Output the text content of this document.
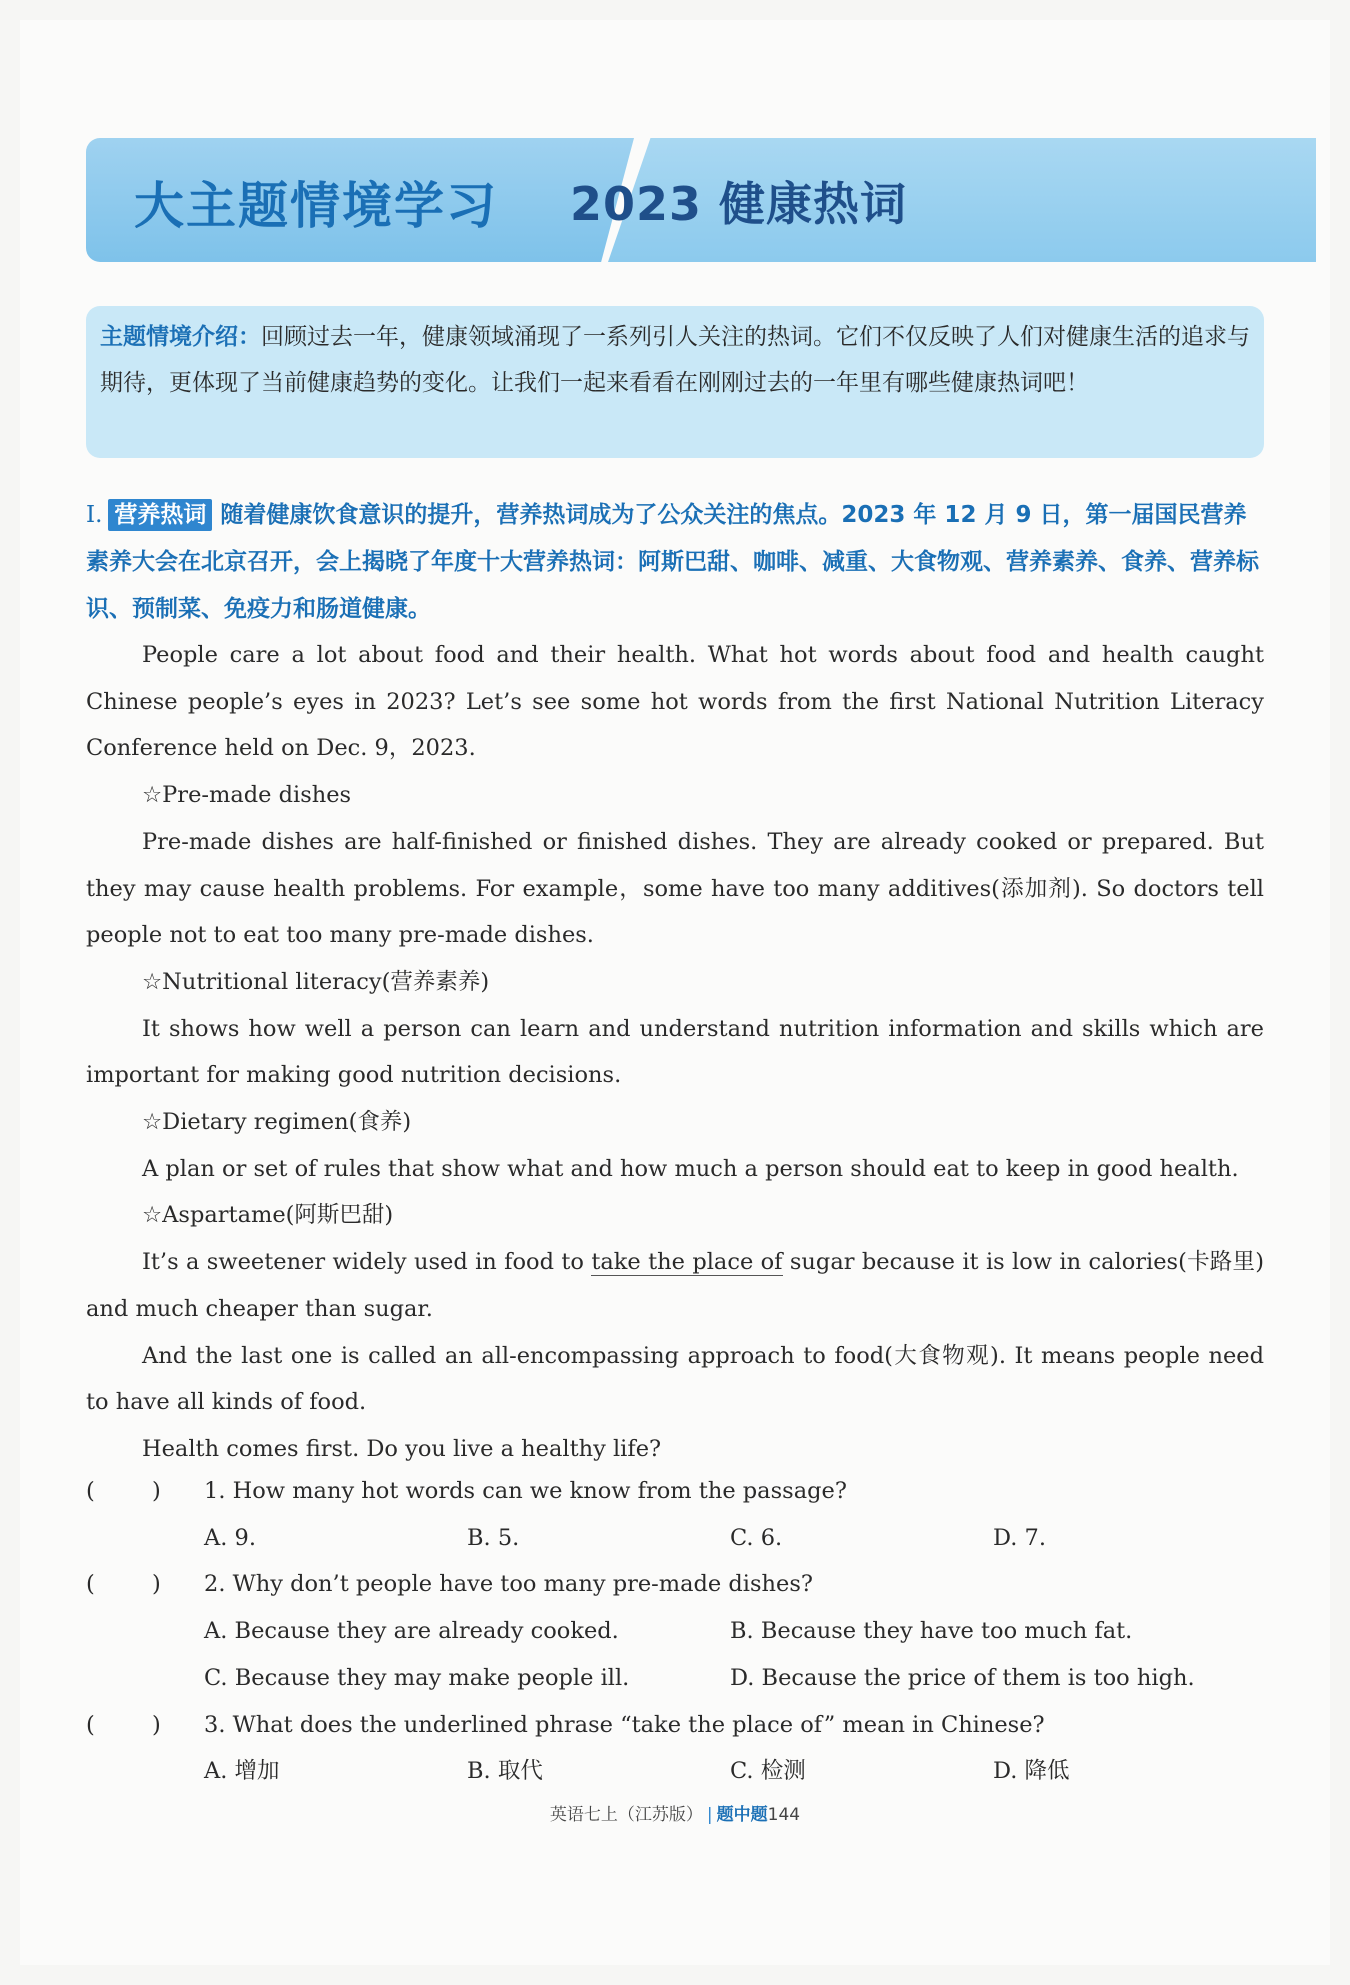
大主题情境学习 2023 健康热词
主题情境介绍：回顾过去一年，健康领域涌现了一系列引人关注的热词。它们不仅反映了人们对健康生活的追求与期待，更体现了当前健康趋势的变化。让我们一起来看看在刚刚过去的一年里有哪些健康热词吧！
Ⅰ. 营养热词 随着健康饮食意识的提升，营养热词成为了公众关注的焦点。2023 年 12 月 9 日，第一届国民营养素养大会在北京召开，会上揭晓了年度十大营养热词：阿斯巴甜、咖啡、减重、大食物观、营养素养、食养、营养标识、预制菜、免疫力和肠道健康。

People care a lot about food and their health. What hot words about food and health caught Chinese people’s eyes in 2023? Let’s see some hot words from the first National Nutrition Literacy Conference held on Dec. 9，2023.

☆Pre-made dishes

Pre-made dishes are half-finished or finished dishes. They are already cooked or prepared. But they may cause health problems. For example，some have too many additives(添加剂). So doctors tell people not to eat too many pre-made dishes.

☆Nutritional literacy(营养素养)

It shows how well a person can learn and understand nutrition information and skills which are important for making good nutrition decisions.

☆Dietary regimen(食养)

A plan or set of rules that show what and how much a person should eat to keep in good health.

☆Aspartame(阿斯巴甜)

It’s a sweetener widely used in food to take the place of sugar because it is low in calories(卡路里) and much cheaper than sugar.

And the last one is called an all-encompassing approach to food(大食物观). It means people need to have all kinds of food.

Health comes first. Do you live a healthy life?

(        )	1. How many hot words can we know from the passage?
A. 9.	B. 5.	C. 6.	D. 7.
(        )	2. Why don’t people have too many pre-made dishes?
A. Because they are already cooked.	B. Because they have too much fat.
C. Because they may make people ill.	D. Because the price of them is too high.
(        )	3. What does the underlined phrase “take the place of” mean in Chinese?
A. 增加	B. 取代	C. 检测	D. 降低
英语七上（江苏版） | 题中题144
